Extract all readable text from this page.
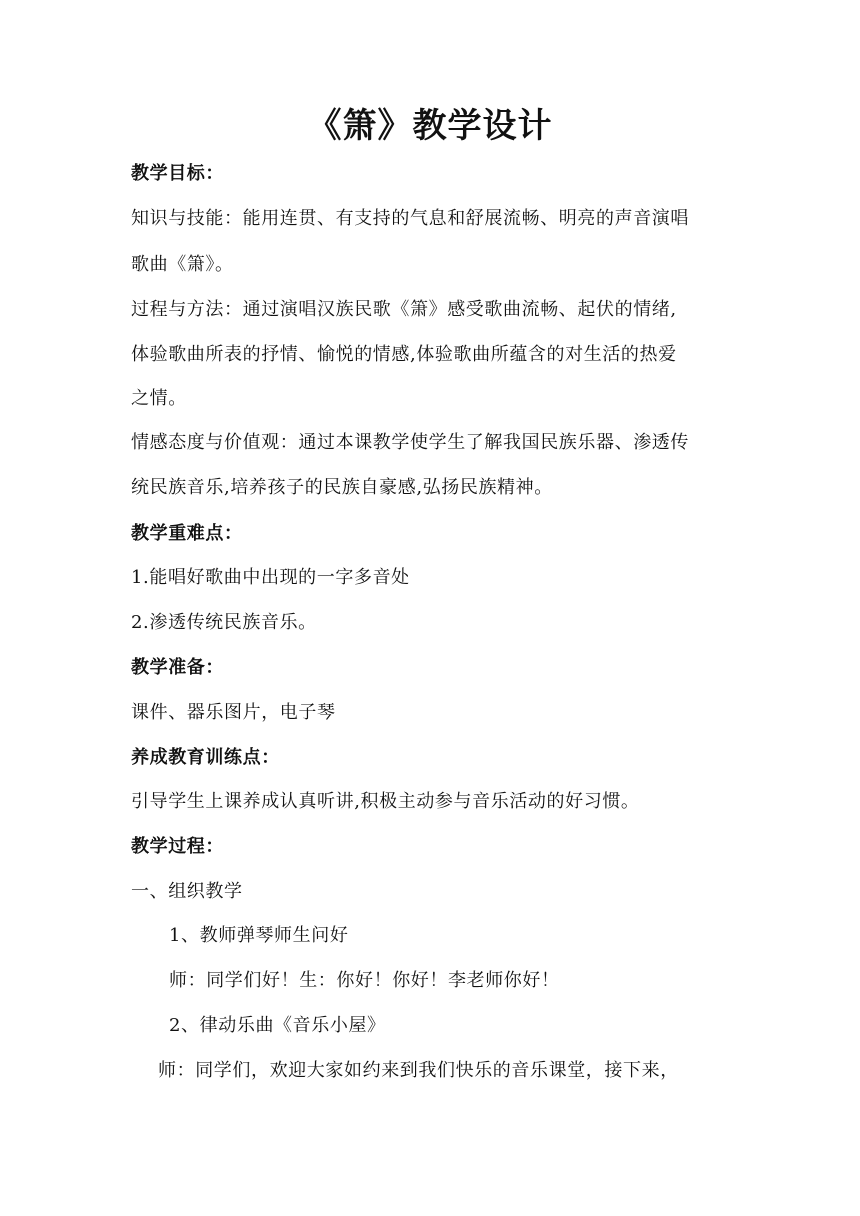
《箫》教学设计
教学目标：
知识与技能：能用连贯、有支持的气息和舒展流畅、明亮的声音演唱
歌曲《箫》。
过程与方法：通过演唱汉族民歌《箫》感受歌曲流畅、起伏的情绪,
体验歌曲所表的抒情、愉悦的情感,体验歌曲所蕴含的对生活的热爱
之情。
情感态度与价值观：通过本课教学使学生了解我国民族乐器、渗透传
统民族音乐,培养孩子的民族自豪感,弘扬民族精神。
教学重难点：
1.能唱好歌曲中出现的一字多音处
2.渗透传统民族音乐。
教学准备：
课件、器乐图片，电子琴
养成教育训练点：
引导学生上课养成认真听讲,积极主动参与音乐活动的好习惯。
教学过程：
一、组织教学
1、教师弹琴师生问好
师：同学们好！生：你好！你好！李老师你好！
2、律动乐曲《音乐小屋》
师：同学们，欢迎大家如约来到我们快乐的音乐课堂，接下来，
